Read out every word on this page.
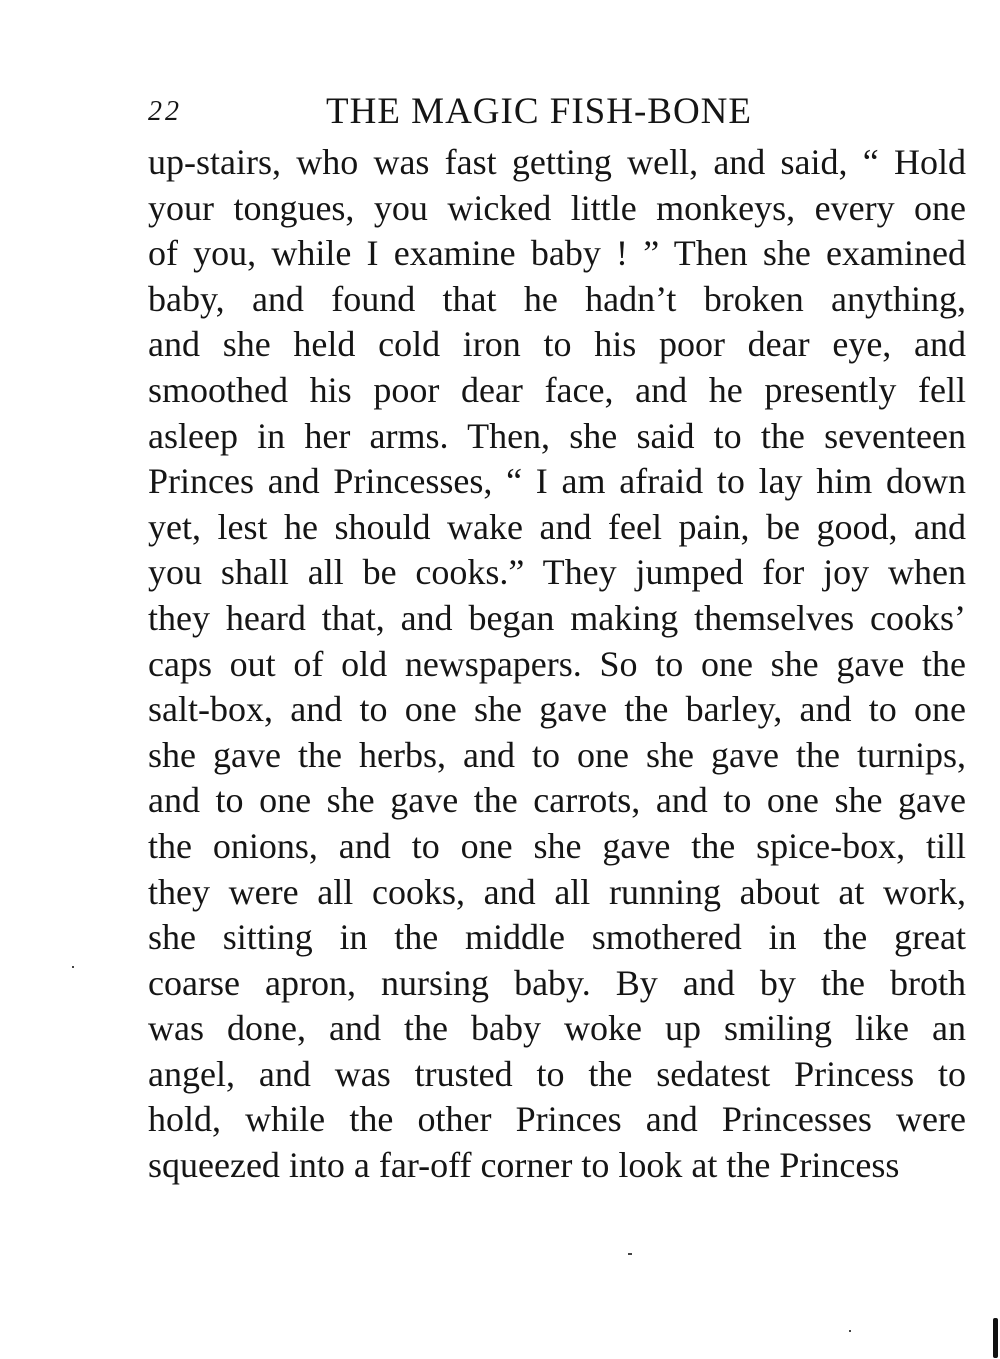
22	THE MAGIC FISH-BONE
up-stairs, who was fast getting well, and said, “ Hold
your tongues, you wicked little monkeys, every one
of you, while I examine baby ! ” Then she examined
baby, and found that he hadn’t broken anything,
and she held cold iron to his poor dear eye, and
smoothed his poor dear face, and he presently fell
asleep in her arms. Then, she said to the seventeen
Princes and Princesses, “ I am afraid to lay him down
yet, lest he should wake and feel pain, be good, and
you shall all be cooks.” They jumped for joy when
they heard that, and began making themselves cooks’
caps out of old newspapers. So to one she gave the
salt-box, and to one she gave the barley, and to one
she gave the herbs, and to one she gave the turnips,
and to one she gave the carrots, and to one she gave
the onions, and to one she gave the spice-box, till
they were all cooks, and all running about at work,
she sitting in the middle smothered in the great
coarse apron, nursing baby. By and by the broth
was done, and the baby woke up smiling like an
angel, and was trusted to the sedatest Princess to
hold, while the other Princes and Princesses were
squeezed into a far-off corner to look at the Princess
